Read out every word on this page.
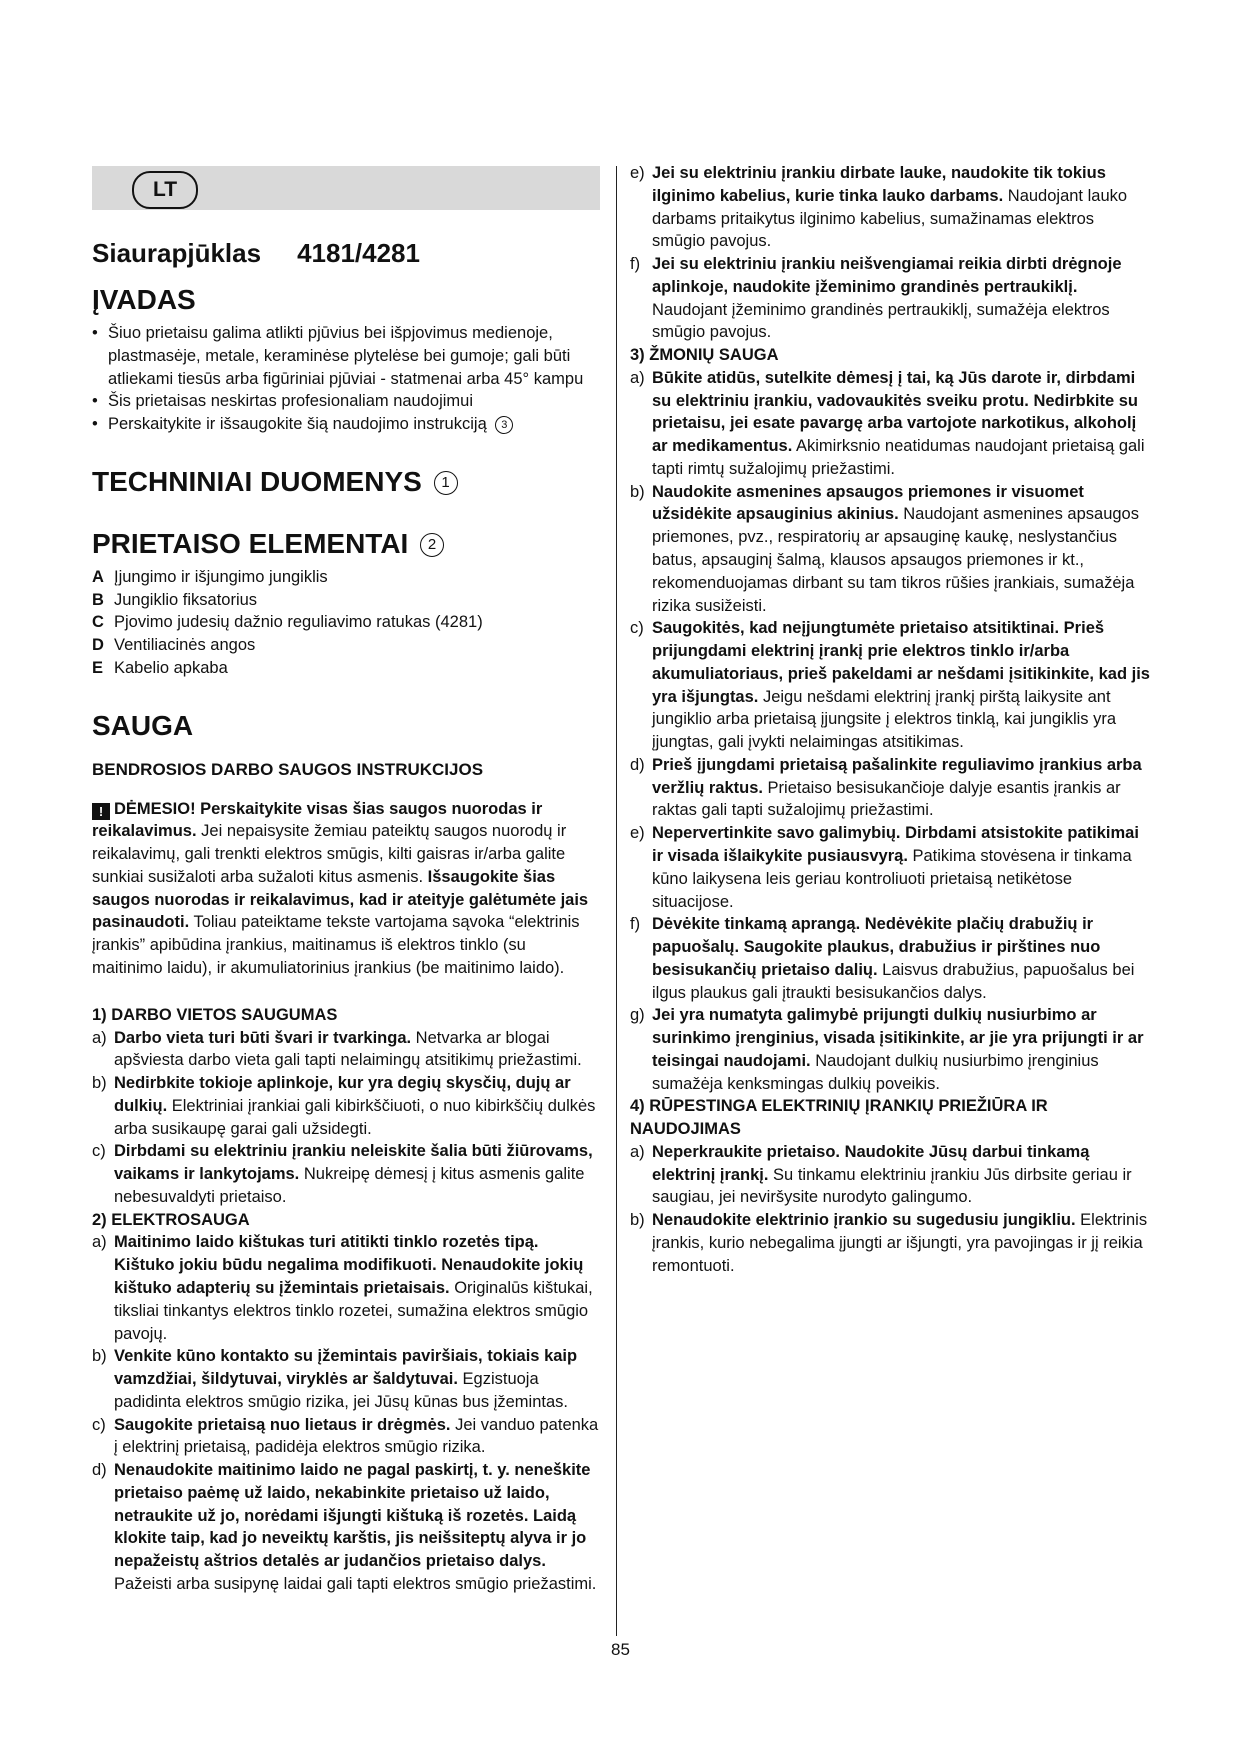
LT
Siaurapjūklas 4181/4281
ĮVADAS
• Šiuo prietaisu galima atlikti pjūvius bei išpjovimus medienoje, plastmasėje, metale, keraminėse plytelėse bei gumoje; gali būti atliekami tiesūs arba figūriniai pjūviai - statmenai arba 45° kampu
• Šis prietaisas neskirtas profesionaliam naudojimui
• Perskaitykite ir išsaugokite šią naudojimo instrukciją 3
TECHNINIAI DUOMENYS 1
PRIETAISO ELEMENTAI 2
A Įjungimo ir išjungimo jungiklis
B Jungiklio fiksatorius
C Pjovimo judesių dažnio reguliavimo ratukas (4281)
D Ventiliacinės angos
E Kabelio apkaba
SAUGA
BENDROSIOS DARBO SAUGOS INSTRUKCIJOS

! DĖMESIO! Perskaitykite visas šias saugos nuorodas ir reikalavimus. Jei nepaisysite žemiau pateiktų saugos nuorodų ir reikalavimų, gali trenkti elektros smūgis, kilti gaisras ir/arba galite sunkiai susižaloti arba sužaloti kitus asmenis. Išsaugokite šias saugos nuorodas ir reikalavimus, kad ir ateityje galėtumėte jais pasinaudoti. Toliau pateiktame tekste vartojama sąvoka “elektrinis įrankis” apibūdina įrankius, maitinamus iš elektros tinklo (su maitinimo laidu), ir akumuliatorinius įrankius (be maitinimo laido).

1) DARBO VIETOS SAUGUMAS
a) Darbo vieta turi būti švari ir tvarkinga. Netvarka ar blogai apšviesta darbo vieta gali tapti nelaimingų atsitikimų priežastimi.
b) Nedirbkite tokioje aplinkoje, kur yra degių skysčių, dujų ar dulkių. Elektriniai įrankiai gali kibirkščiuoti, o nuo kibirkščių dulkės arba susikaupę garai gali užsidegti.
c) Dirbdami su elektriniu įrankiu neleiskite šalia būti žiūrovams, vaikams ir lankytojams. Nukreipę dėmesį į kitus asmenis galite nebesuvaldyti prietaiso.
2) ELEKTROSAUGA
a) Maitinimo laido kištukas turi atitikti tinklo rozetės tipą. Kištuko jokiu būdu negalima modifikuoti. Nenaudokite jokių kištuko adapterių su įžemintais prietaisais. Originalūs kištukai, tiksliai tinkantys elektros tinklo rozetei, sumažina elektros smūgio pavojų.
b) Venkite kūno kontakto su įžemintais paviršiais, tokiais kaip vamzdžiai, šildytuvai, viryklės ar šaldytuvai. Egzistuoja padidinta elektros smūgio rizika, jei Jūsų kūnas bus įžemintas.
c) Saugokite prietaisą nuo lietaus ir drėgmės. Jei vanduo patenka į elektrinį prietaisą, padidėja elektros smūgio rizika.
d) Nenaudokite maitinimo laido ne pagal paskirtį, t. y. neneškite prietaiso paėmę už laido, nekabinkite prietaiso už laido, netraukite už jo, norėdami išjungti kištuką iš rozetės. Laidą klokite taip, kad jo neveiktų karštis, jis neišsiteptų alyva ir jo nepažeistų aštrios detalės ar judančios prietaiso dalys. Pažeisti arba susipynę laidai gali tapti elektros smūgio priežastimi.
e) Jei su elektriniu įrankiu dirbate lauke, naudokite tik tokius ilginimo kabelius, kurie tinka lauko darbams. Naudojant lauko darbams pritaikytus ilginimo kabelius, sumažinamas elektros smūgio pavojus.
f) Jei su elektriniu įrankiu neišvengiamai reikia dirbti drėgnoje aplinkoje, naudokite įžeminimo grandinės pertraukiklį. Naudojant įžeminimo grandinės pertraukiklį, sumažėja elektros smūgio pavojus.
3) ŽMONIŲ SAUGA
a) Būkite atidūs, sutelkite dėmesį į tai, ką Jūs darote ir, dirbdami su elektriniu įrankiu, vadovaukitės sveiku protu. Nedirbkite su prietaisu, jei esate pavargę arba vartojote narkotikus, alkoholį ar medikamentus. Akimirksnio neatidumas naudojant prietaisą gali tapti rimtų sužalojimų priežastimi.
b) Naudokite asmenines apsaugos priemones ir visuomet užsidėkite apsauginius akinius. Naudojant asmenines apsaugos priemones, pvz., respiratorių ar apsauginę kaukę, neslystančius batus, apsauginį šalmą, klausos apsaugos priemones ir kt., rekomenduojamas dirbant su tam tikros rūšies įrankiais, sumažėja rizika susižeisti.
c) Saugokitės, kad neįjungtumėte prietaiso atsitiktinai. Prieš prijungdami elektrinį įrankį prie elektros tinklo ir/arba akumuliatoriaus, prieš pakeldami ar nešdami įsitikinkite, kad jis yra išjungtas. Jeigu nešdami elektrinį įrankį pirštą laikysite ant jungiklio arba prietaisą įjungsite į elektros tinklą, kai jungiklis yra įjungtas, gali įvykti nelaimingas atsitikimas.
d) Prieš įjungdami prietaisą pašalinkite reguliavimo įrankius arba veržlių raktus. Prietaiso besisukančioje dalyje esantis įrankis ar raktas gali tapti sužalojimų priežastimi.
e) Nepervertinkite savo galimybių. Dirbdami atsistokite patikimai ir visada išlaikykite pusiausvyrą. Patikima stovėsena ir tinkama kūno laikysena leis geriau kontroliuoti prietaisą netikėtose situacijose.
f) Dėvėkite tinkamą aprangą. Nedėvėkite plačių drabužių ir papuošalų. Saugokite plaukus, drabužius ir pirštines nuo besisukančių prietaiso dalių. Laisvus drabužius, papuošalus bei ilgus plaukus gali įtraukti besisukančios dalys.
g) Jei yra numatyta galimybė prijungti dulkių nusiurbimo ar surinkimo įrenginius, visada įsitikinkite, ar jie yra prijungti ir ar teisingai naudojami. Naudojant dulkių nusiurbimo įrenginius sumažėja kenksmingas dulkių poveikis.
4) RŪPESTINGA ELEKTRINIŲ ĮRANKIŲ PRIEŽIŪRA IR NAUDOJIMAS
a) Neperkraukite prietaiso. Naudokite Jūsų darbui tinkamą elektrinį įrankį. Su tinkamu elektriniu įrankiu Jūs dirbsite geriau ir saugiau, jei neviršysite nurodyto galingumo.
b) Nenaudokite elektrinio įrankio su sugedusiu jungikliu. Elektrinis įrankis, kurio nebegalima įjungti ar išjungti, yra pavojingas ir jį reikia remontuoti.
85
